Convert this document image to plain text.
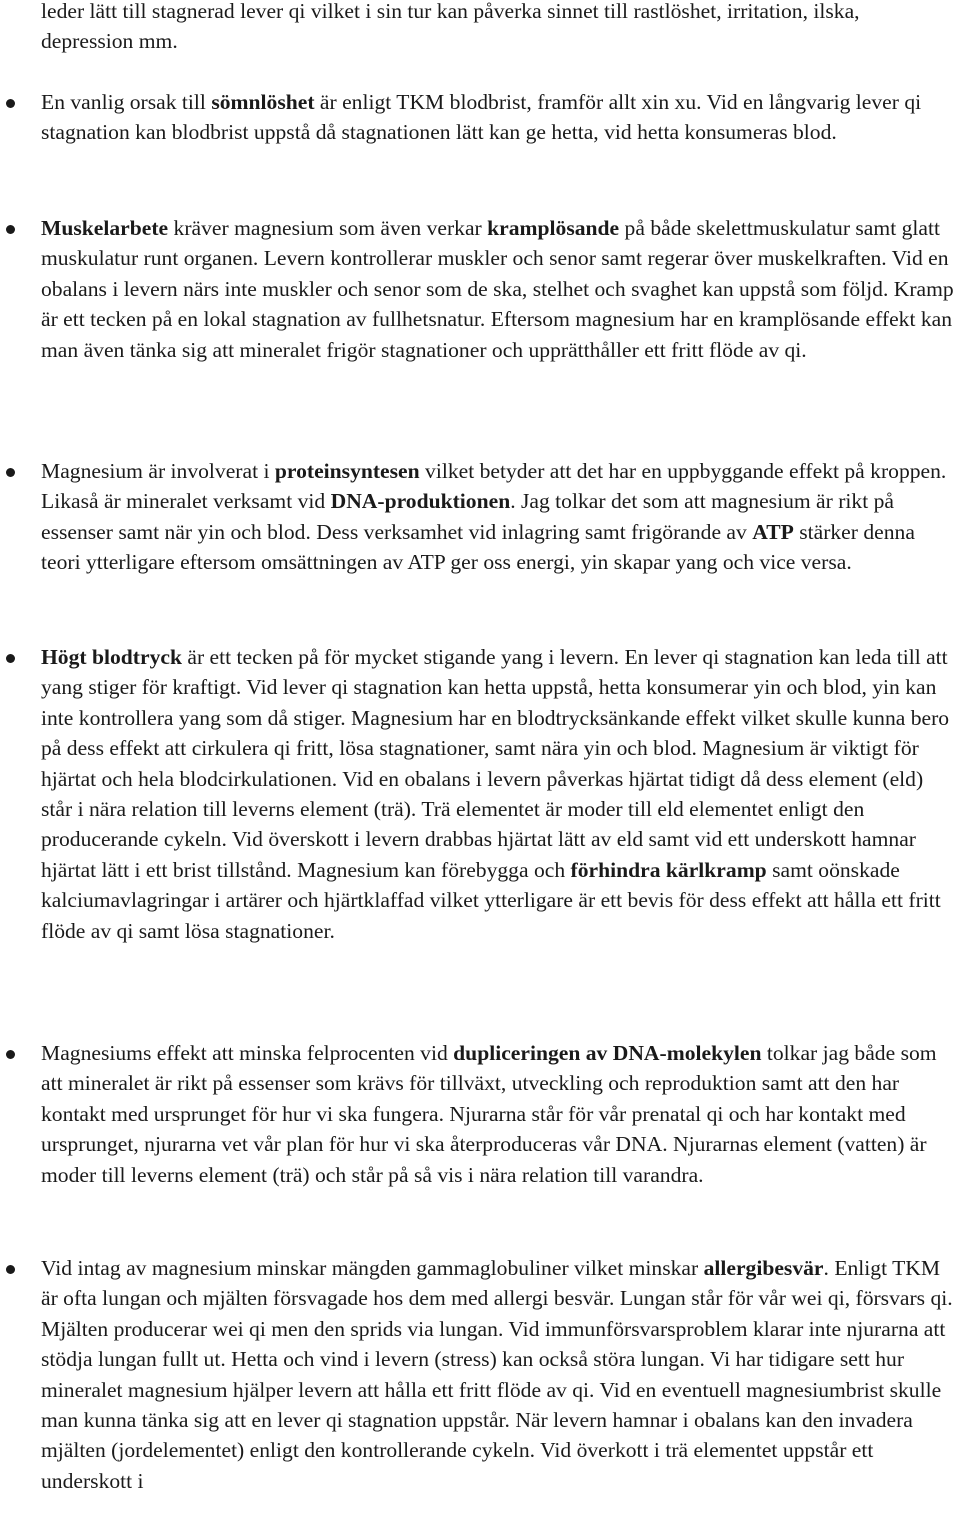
leder lätt till stagnerad lever qi vilket i sin tur kan påverka sinnet till rastlöshet, irritation, ilska, depression mm.

En vanlig orsak till sömnlöshet är enligt TKM blodbrist, framför allt xin xu. Vid en långvarig lever qi stagnation kan blodbrist uppstå då stagnationen lätt kan ge hetta, vid hetta konsumeras blod.

Muskelarbete kräver magnesium som även verkar kramplösande på både skelettmuskulatur samt glatt muskulatur runt organen. Levern kontrollerar muskler och senor samt regerar över muskelkraften. Vid en obalans i levern närs inte muskler och senor som de ska, stelhet och svaghet kan uppstå som följd. Kramp är ett tecken på en lokal stagnation av fullhetsnatur. Eftersom magnesium har en kramplösande effekt kan man även tänka sig att mineralet frigör stagnationer och upprätthåller ett fritt flöde av qi.

Magnesium är involverat i proteinsyntesen vilket betyder att det har en uppbyggande effekt på kroppen. Likaså är mineralet verksamt vid DNA-produktionen. Jag tolkar det som att magnesium är rikt på essenser samt när yin och blod. Dess verksamhet vid inlagring samt frigörande av ATP stärker denna teori ytterligare eftersom omsättningen av ATP ger oss energi, yin skapar yang och vice versa.

Högt blodtryck är ett tecken på för mycket stigande yang i levern. En lever qi stagnation kan leda till att yang stiger för kraftigt. Vid lever qi stagnation kan hetta uppstå, hetta konsumerar yin och blod, yin kan inte kontrollera yang som då stiger. Magnesium har en blodtrycksänkande effekt vilket skulle kunna bero på dess effekt att cirkulera qi fritt, lösa stagnationer, samt nära yin och blod. Magnesium är viktigt för hjärtat och hela blodcirkulationen. Vid en obalans i levern påverkas hjärtat tidigt då dess element (eld) står i nära relation till leverns element (trä). Trä elementet är moder till eld elementet enligt den producerande cykeln. Vid överskott i levern drabbas hjärtat lätt av eld samt vid ett underskott hamnar hjärtat lätt i ett brist tillstånd. Magnesium kan förebygga och förhindra kärlkramp samt oönskade kalciumavlagringar i artärer och hjärtklaffad vilket ytterligare är ett bevis för dess effekt att hålla ett fritt flöde av qi samt lösa stagnationer.

Magnesiums effekt att minska felprocenten vid dupliceringen av DNA-molekylen tolkar jag både som att mineralet är rikt på essenser som krävs för tillväxt, utveckling och reproduktion samt att den har kontakt med ursprunget för hur vi ska fungera. Njurarna står för vår prenatal qi och har kontakt med ursprunget, njurarna vet vår plan för hur vi ska återproduceras vår DNA. Njurarnas element (vatten) är moder till leverns element (trä) och står på så vis i nära relation till varandra.

Vid intag av magnesium minskar mängden gammaglobuliner vilket minskar allergibesvär. Enligt TKM är ofta lungan och mjälten försvagade hos dem med allergi besvär. Lungan står för vår wei qi, försvars qi. Mjälten producerar wei qi men den sprids via lungan. Vid immunförsvarsproblem klarar inte njurarna att stödja lungan fullt ut. Hetta och vind i levern (stress) kan också störa lungan. Vi har tidigare sett hur mineralet magnesium hjälper levern att hålla ett fritt flöde av qi. Vid en eventuell magnesiumbrist skulle man kunna tänka sig att en lever qi stagnation uppstår. När levern hamnar i obalans kan den invadera mjälten (jordelementet) enligt den kontrollerande cykeln. Vid överkott i trä elementet uppstår ett underskott i
